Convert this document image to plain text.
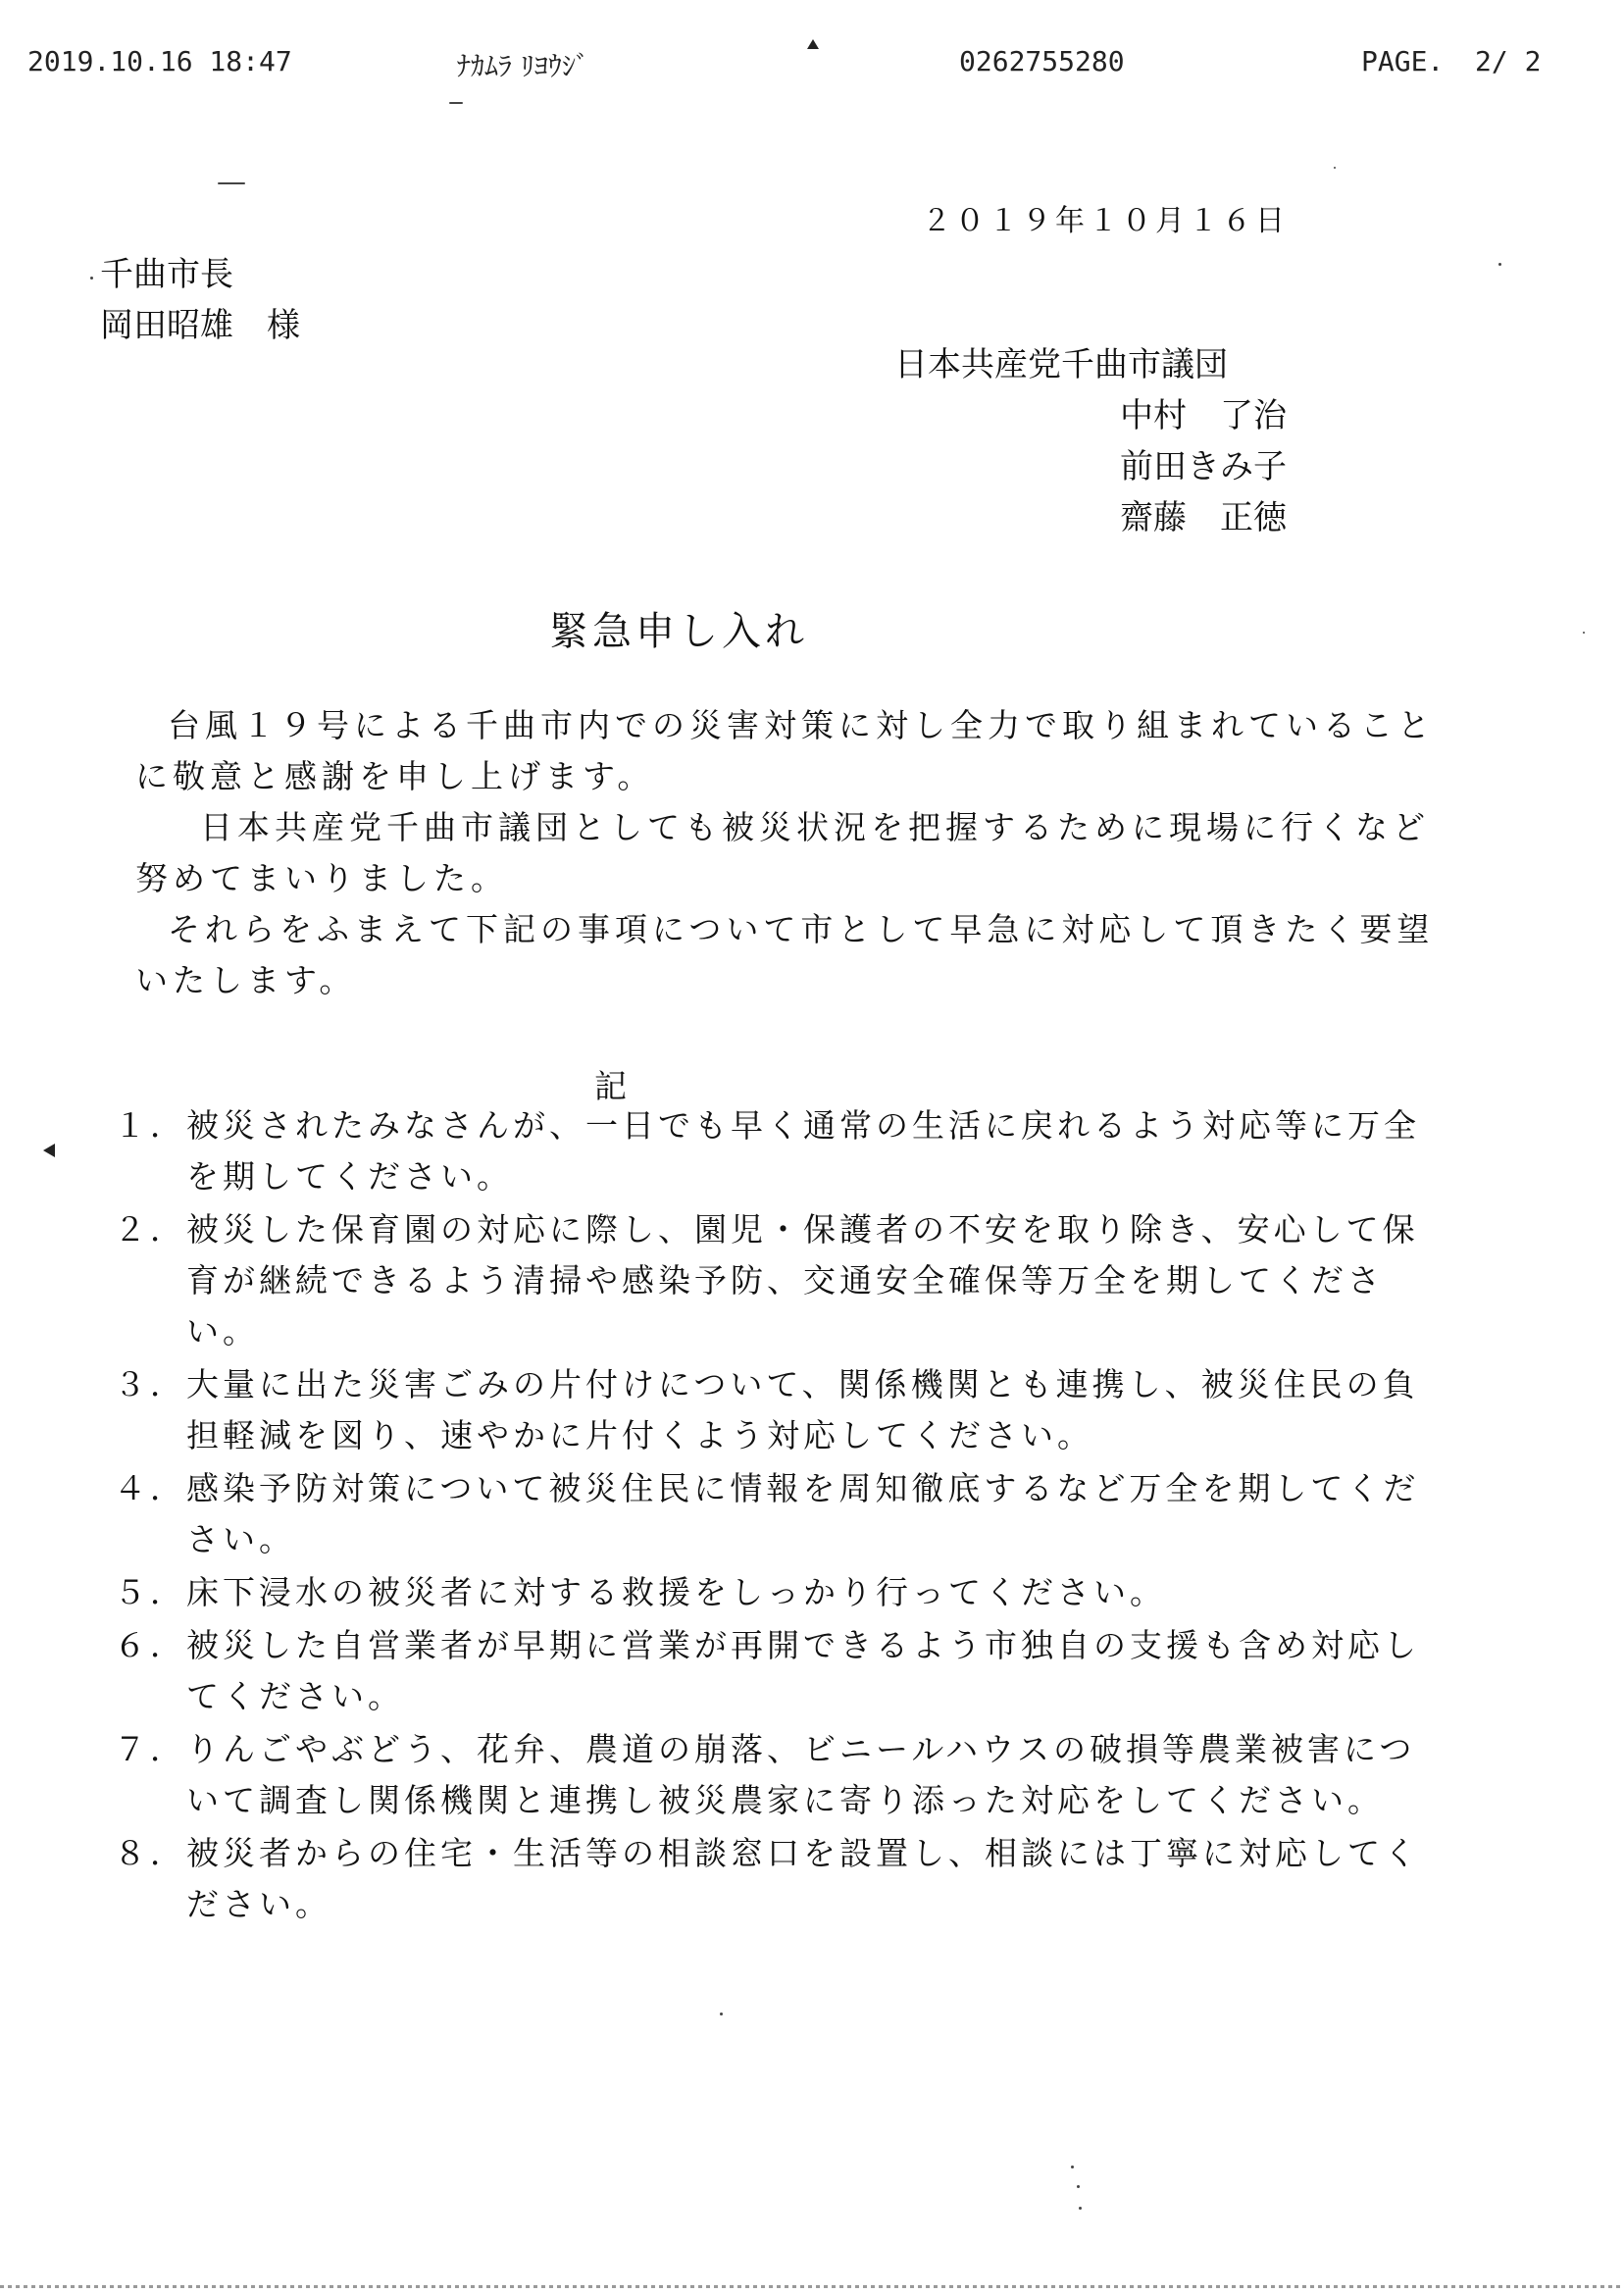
2019.10.16 18:47	ﾅｶﾑﾗ ﾘﾖｳｼﾞ	0262755280	PAGE. 2/ 2
２０１９年１０月１６日
千曲市長
岡田昭雄　様
日本共産党千曲市議団
中村　了治
前田きみ子
齋藤　正徳
緊急申し入れ

台風１９号による千曲市内での災害対策に対し全力で取り組まれていることに敬意と感謝を申し上げます。

日本共産党千曲市議団としても被災状況を把握するために現場に行くなど努めてまいりました。

それらをふまえて下記の事項について市として早急に対応して頂きたく要望いたします。

記
１． 被災されたみなさんが、一日でも早く通常の生活に戻れるよう対応等に万全を期してください。
２． 被災した保育園の対応に際し、園児・保護者の不安を取り除き、安心して保育が継続できるよう清掃や感染予防、交通安全確保等万全を期してください。
３． 大量に出た災害ごみの片付けについて、関係機関とも連携し、被災住民の負担軽減を図り、速やかに片付くよう対応してください。
４． 感染予防対策について被災住民に情報を周知徹底するなど万全を期してください。
５． 床下浸水の被災者に対する救援をしっかり行ってください。
６． 被災した自営業者が早期に営業が再開できるよう市独自の支援も含め対応してください。
７． りんごやぶどう、花弁、農道の崩落、ビニールハウスの破損等農業被害について調査し関係機関と連携し被災農家に寄り添った対応をしてください。
８． 被災者からの住宅・生活等の相談窓口を設置し、相談には丁寧に対応してください。
